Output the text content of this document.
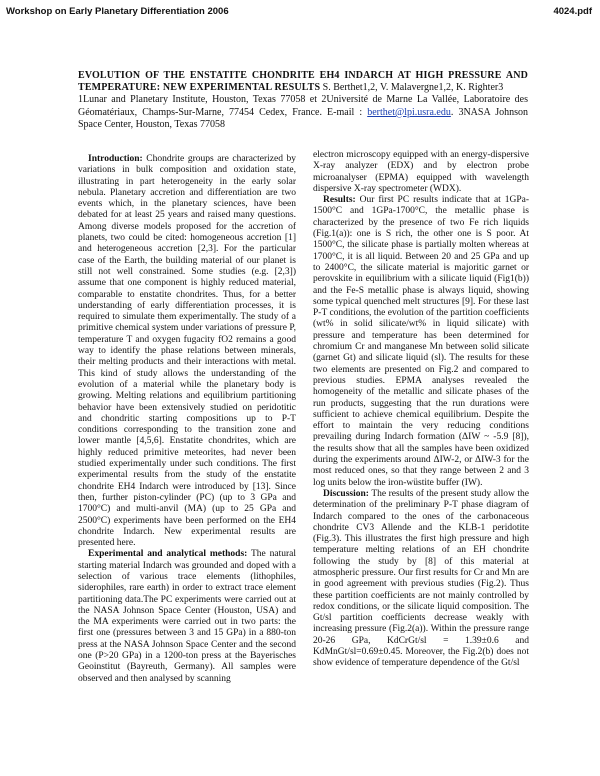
Workshop on Early Planetary Differentiation 2006	4024.pdf
EVOLUTION OF THE ENSTATITE CHONDRITE EH4 INDARCH AT HIGH PRESSURE AND TEMPERATURE: NEW EXPERIMENTAL RESULTS S. Berthet1,2, V. Malavergne1,2, K. Righter3
1Lunar and Planetary Institute, Houston, Texas 77058 et 2Université de Marne La Vallée, Laboratoire des Géomatériaux, Champs-Sur-Marne, 77454 Cedex, France. E-mail : berthet@lpi.usra.edu. 3NASA Johnson Space Center, Houston, Texas 77058

Introduction: Chondrite groups are characterized by variations in bulk composition and oxidation state, illustrating in part heterogeneity in the early solar nebula. Planetary accretion and differentiation are two events which, in the planetary sciences, have been debated for at least 25 years and raised many questions. Among diverse models proposed for the accretion of planets, two could be cited: homogeneous accretion [1] and heterogeneous accretion [2,3]. For the particular case of the Earth, the building material of our planet is still not well constrained. Some studies (e.g. [2,3]) assume that one component is highly reduced material, comparable to enstatite chondrites. Thus, for a better understanding of early differentiation processes, it is required to simulate them experimentally. The study of a primitive chemical system under variations of pressure P, temperature T and oxygen fugacity fO2 remains a good way to identify the phase relations between minerals, their melting products and their interactions with metal. This kind of study allows the understanding of the evolution of a material while the planetary body is growing. Melting relations and equilibrium partitioning behavior have been extensively studied on peridotitic and chondritic starting compositions up to P-T conditions corresponding to the transition zone and lower mantle [4,5,6]. Enstatite chondrites, which are highly reduced primitive meteorites, had never been studied experimentally under such conditions. The first experimental results from the study of the enstatite chondrite EH4 Indarch were introduced by [13]. Since then, further piston-cylinder (PC) (up to 3 GPa and 1700°C) and multi-anvil (MA) (up to 25 GPa and 2500°C) experiments have been performed on the EH4 chondrite Indarch. New experimental results are presented here.

Experimental and analytical methods: The natural starting material Indarch was grounded and doped with a selection of various trace elements (lithophiles, siderophiles, rare earth) in order to extract trace element partitioning data.The PC experiments were carried out at the NASA Johnson Space Center (Houston, USA) and the MA experiments were carried out in two parts: the first one (pressures between 3 and 15 GPa) in a 880-ton press at the NASA Johnson Space Center and the second one (P>20 GPa) in a 1200-ton press at the Bayerisches Geoinstitut (Bayreuth, Germany). All samples were observed and then analysed by scanning

electron microscopy equipped with an energy-dispersive X-ray analyzer (EDX) and by electron probe microanalyser (EPMA) equipped with wavelength dispersive X-ray spectrometer (WDX).

Results: Our first PC results indicate that at 1GPa-1500°C and 1GPa-1700°C, the metallic phase is characterized by the presence of two Fe rich liquids (Fig.1(a)): one is S rich, the other one is S poor. At 1500°C, the silicate phase is partially molten whereas at 1700°C, it is all liquid. Between 20 and 25 GPa and up to 2400°C, the silicate material is majoritic garnet or perovskite in equilibrium with a silicate liquid (Fig1(b)) and the Fe-S metallic phase is always liquid, showing some typical quenched melt structures [9]. For these last P-T conditions, the evolution of the partition coefficients (wt% in solid silicate/wt% in liquid silicate) with pressure and temperature has been determined for chromium Cr and manganese Mn between solid silicate (garnet Gt) and silicate liquid (sl). The results for these two elements are presented on Fig.2 and compared to previous studies. EPMA analyses revealed the homogeneity of the metallic and silicate phases of the run products, suggesting that the run durations were sufficient to achieve chemical equilibrium. Despite the effort to maintain the very reducing conditions prevailing during Indarch formation (ΔIW ~ -5.9 [8]), the results show that all the samples have been oxidized during the experiments around ΔIW-2, or ΔIW-3 for the most reduced ones, so that they range between 2 and 3 log units below the iron-wüstite buffer (IW).

Discussion: The results of the present study allow the determination of the preliminary P-T phase diagram of Indarch compared to the ones of the carbonaceous chondrite CV3 Allende and the KLB-1 peridotite (Fig.3). This illustrates the first high pressure and high temperature melting relations of an EH chondrite following the study by [8] of this material at atmospheric pressure. Our first results for Cr and Mn are in good agreement with previous studies (Fig.2). Thus these partition coefficients are not mainly controlled by redox conditions, or the silicate liquid composition. The Gt/sl partition coefficients decrease weakly with increasing pressure (Fig.2(a)). Within the pressure range 20-26 GPa, KdCrGt/sl = 1.39±0.6 and KdMnGt/sl=0.69±0.45. Moreover, the Fig.2(b) does not show evidence of temperature dependence of the Gt/sl
